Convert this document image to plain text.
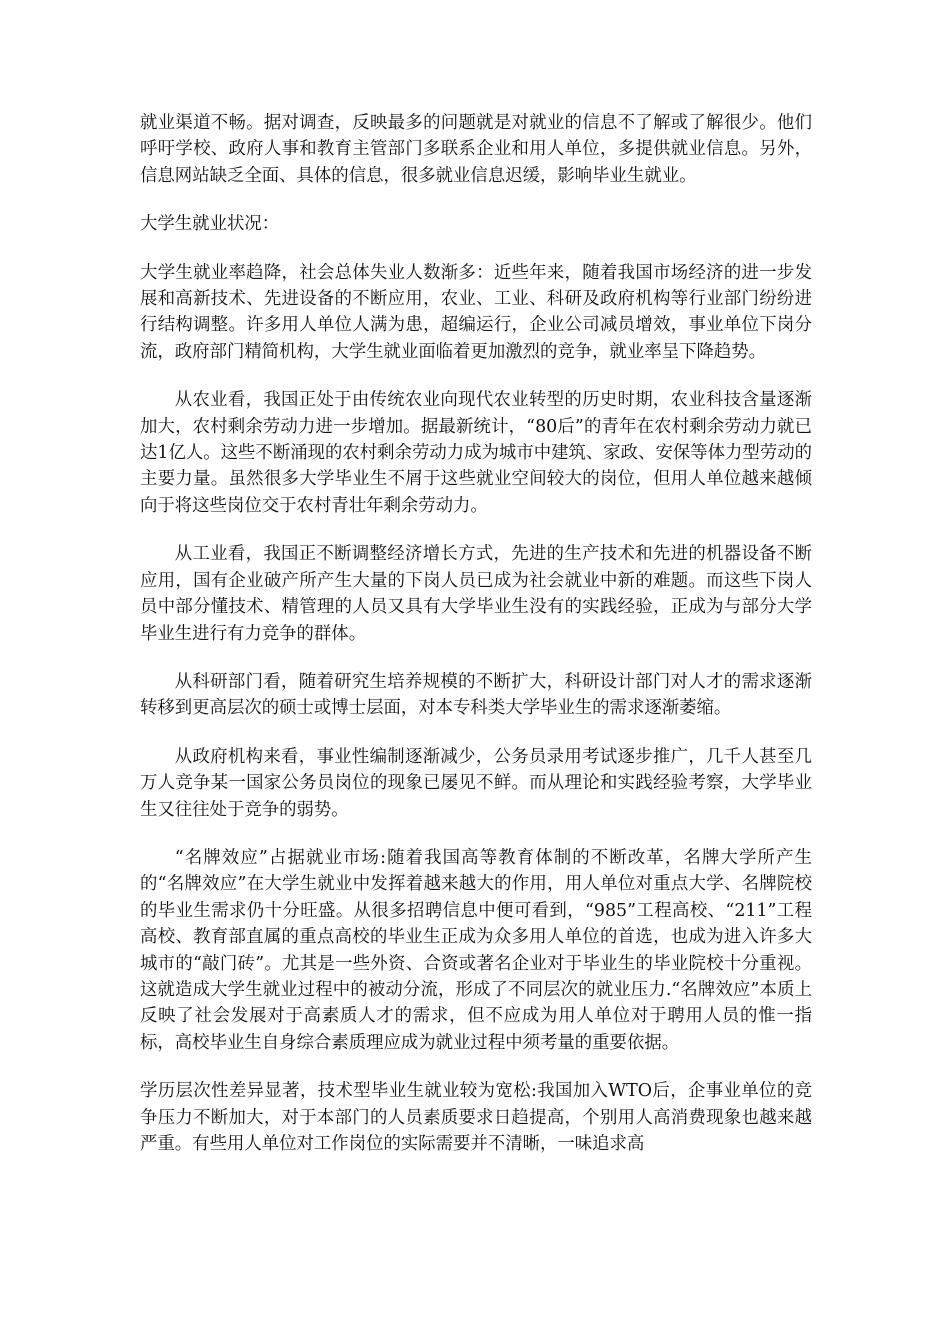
就业渠道不畅。据对调查，反映最多的问题就是对就业的信息不了解或了解很少。他们呼吁学校、政府人事和教育主管部门多联系企业和用人单位，多提供就业信息。另外，信息网站缺乏全面、具体的信息，很多就业信息迟缓，影响毕业生就业。

大学生就业状况：

大学生就业率趋降，社会总体失业人数渐多：近些年来，随着我国市场经济的进一步发展和高新技术、先进设备的不断应用，农业、工业、科研及政府机构等行业部门纷纷进行结构调整。许多用人单位人满为患，超编运行，企业公司减员增效，事业单位下岗分流，政府部门精简机构，大学生就业面临着更加激烈的竞争，就业率呈下降趋势。

从农业看，我国正处于由传统农业向现代农业转型的历史时期，农业科技含量逐渐加大，农村剩余劳动力进一步增加。据最新统计，“80后”的青年在农村剩余劳动力就已达1亿人。这些不断涌现的农村剩余劳动力成为城市中建筑、家政、安保等体力型劳动的主要力量。虽然很多大学毕业生不屑于这些就业空间较大的岗位，但用人单位越来越倾向于将这些岗位交于农村青壮年剩余劳动力。

从工业看，我国正不断调整经济增长方式，先进的生产技术和先进的机器设备不断应用，国有企业破产所产生大量的下岗人员已成为社会就业中新的难题。而这些下岗人员中部分懂技术、精管理的人员又具有大学毕业生没有的实践经验，正成为与部分大学毕业生进行有力竞争的群体。

从科研部门看，随着研究生培养规模的不断扩大，科研设计部门对人才的需求逐渐转移到更高层次的硕士或博士层面，对本专科类大学毕业生的需求逐渐萎缩。

从政府机构来看，事业性编制逐渐减少，公务员录用考试逐步推广，几千人甚至几万人竞争某一国家公务员岗位的现象已屡见不鲜。而从理论和实践经验考察，大学毕业生又往往处于竞争的弱势。

“名牌效应”占据就业市场:随着我国高等教育体制的不断改革，名牌大学所产生的“名牌效应”在大学生就业中发挥着越来越大的作用，用人单位对重点大学、名牌院校的毕业生需求仍十分旺盛。从很多招聘信息中便可看到，“985”工程高校、“211”工程高校、教育部直属的重点高校的毕业生正成为众多用人单位的首选，也成为进入许多大城市的“敲门砖”。尤其是一些外资、合资或著名企业对于毕业生的毕业院校十分重视。这就造成大学生就业过程中的被动分流，形成了不同层次的就业压力.“名牌效应”本质上反映了社会发展对于高素质人才的需求，但不应成为用人单位对于聘用人员的惟一指标，高校毕业生自身综合素质理应成为就业过程中须考量的重要依据。

学历层次性差异显著，技术型毕业生就业较为宽松:我国加入WTO后，企事业单位的竞争压力不断加大，对于本部门的人员素质要求日趋提高，个别用人高消费现象也越来越严重。有些用人单位对工作岗位的实际需要并不清晰，一味追求高
